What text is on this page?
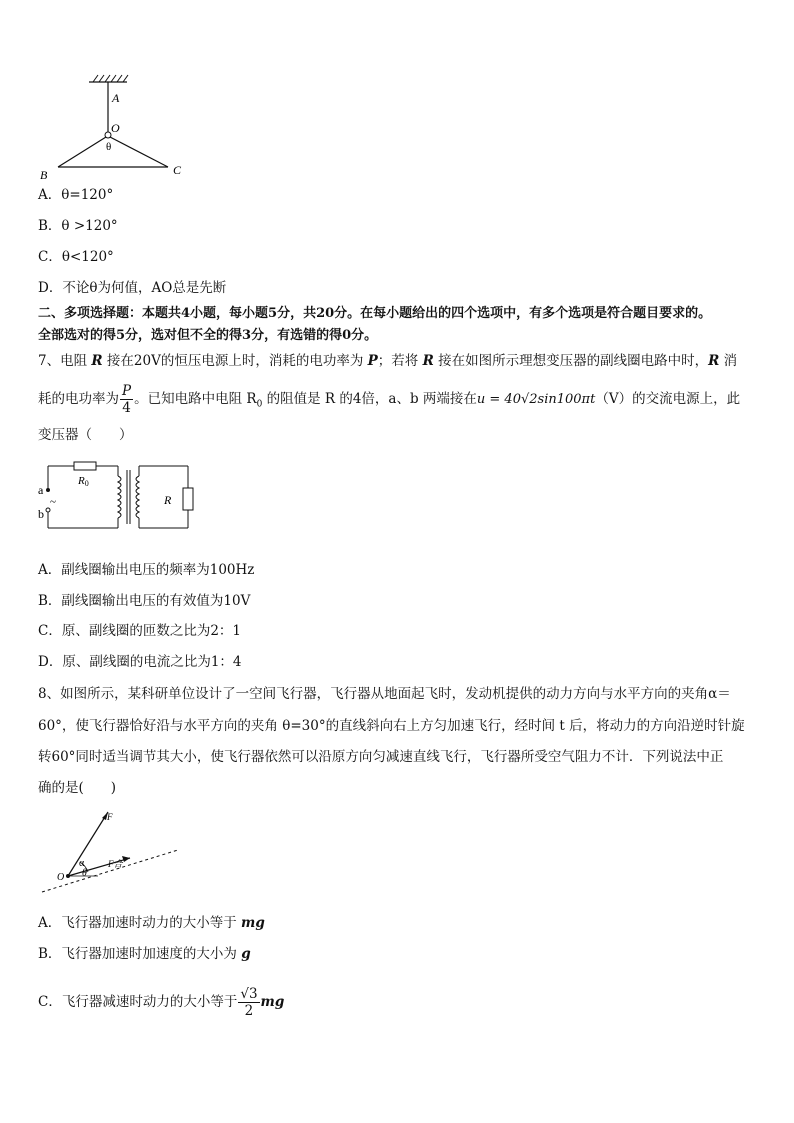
A
O
θ
B	C
A．θ=120°
B．θ >120°
C．θ<120°
D．不论θ为何值，AO总是先断
二、多项选择题：本题共4小题，每小题5分，共20分。在每小题给出的四个选项中，有多个选项是符合题目要求的。
全部选对的得5分，选对但不全的得3分，有选错的得0分。
7、电阻 R 接在20V的恒压电源上时，消耗的电功率为 P；若将 R 接在如图所示理想变压器的副线圈电路中时，R 消
耗的电功率为 $\frac{P}{4}$ 。已知电路中电阻 $R_0$ 的阻值是 R 的4倍，a、b 两端接在u = 40√2sin100πt（V）的交流电源上，此
变压器（　　）
~
a
b
R0
R
A．副线圈输出电压的频率为100Hz
B．副线圈输出电压的有效值为10V
C．原、副线圈的匝数之比为2：1
D．原、副线圈的电流之比为1：4
8、如图所示，某科研单位设计了一空间飞行器，飞行器从地面起飞时，发动机提供的动力方向与水平方向的夹角α＝
60°，使飞行器恰好沿与水平方向的夹角 θ=30°的直线斜向右上方匀加速飞行，经时间 t 后，将动力的方向沿逆时针旋
转60°同时适当调节其大小，使飞行器依然可以沿原方向匀减速直线飞行，飞行器所受空气阻力不计．下列说法中正
确的是(　　)
F
α	F合
O θ
A．飞行器加速时动力的大小等于 mg
B．飞行器加速时加速度的大小为 g
C．飞行器减速时动力的大小等于 $\frac{√3}{2}$ mg
